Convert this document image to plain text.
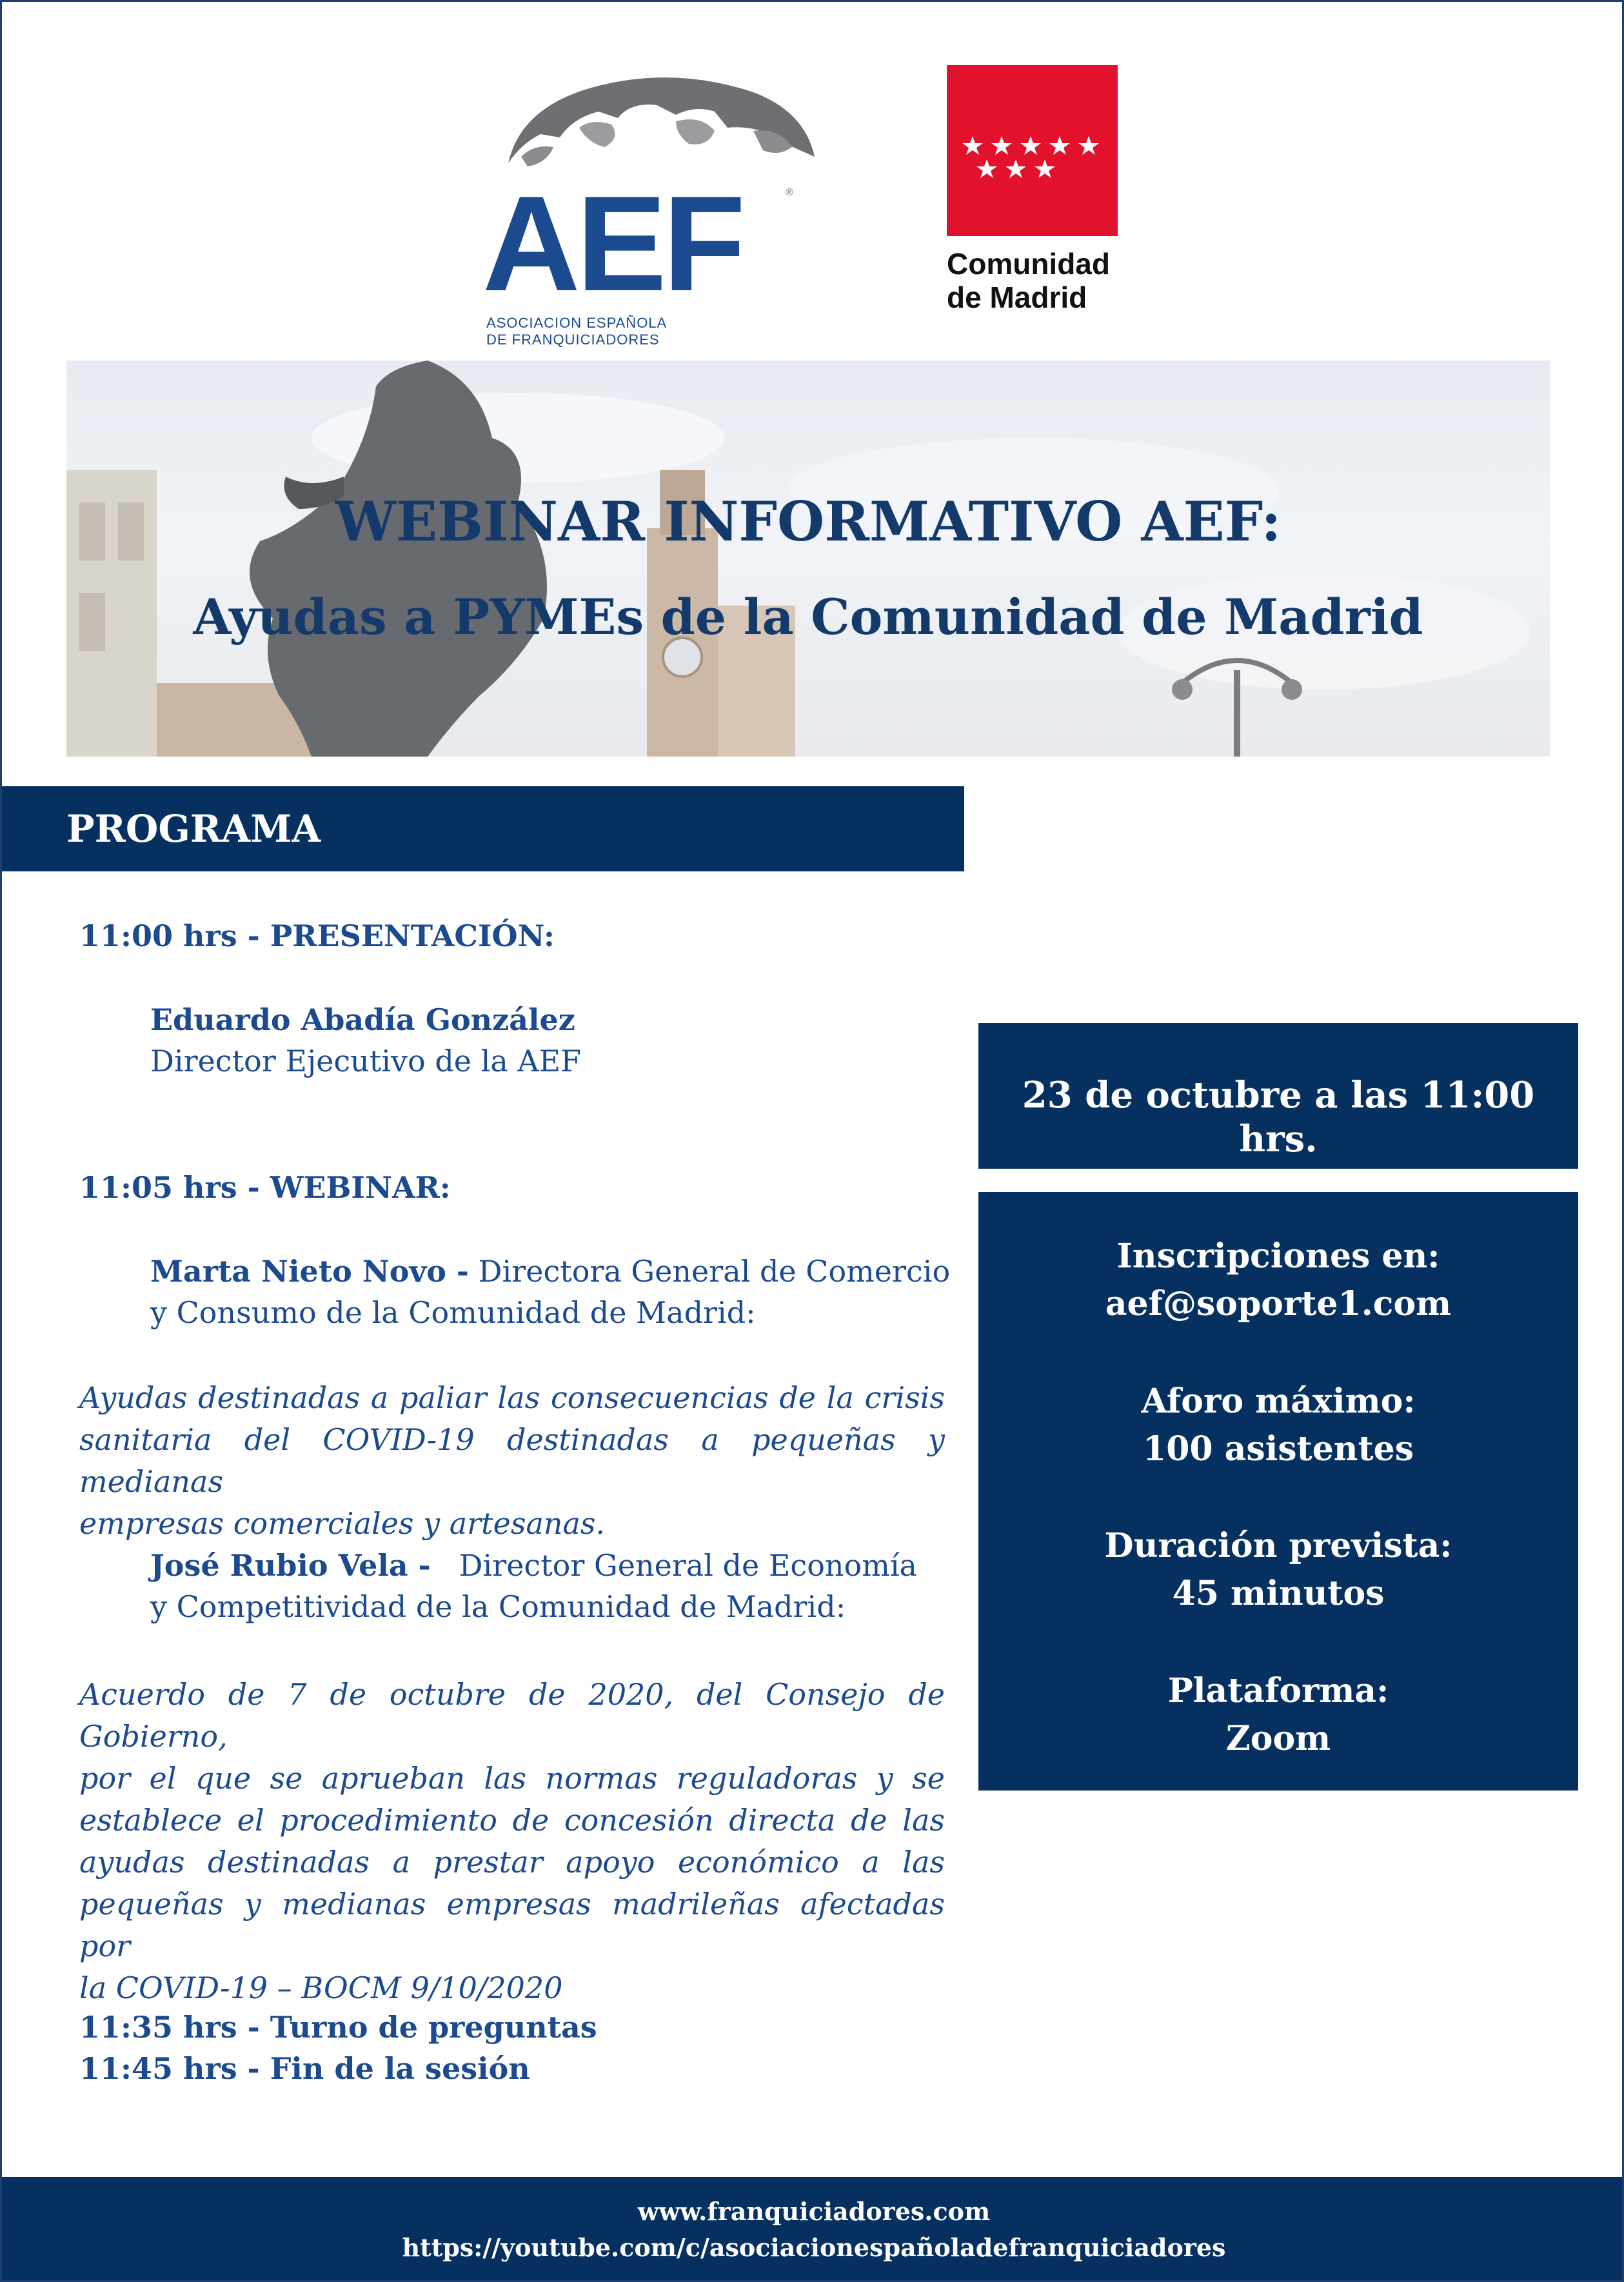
®
AEF
ASOCIACION ESPAÑOLA
DE FRANQUICIADORES
Comunidad
de Madrid
WEBINAR INFORMATIVO AEF:
Ayudas a PYMEs de la Comunidad de Madrid
PROGRAMA
11:00 hrs - PRESENTACIÓN:
Eduardo Abadía González
Director Ejecutivo de la AEF
11:05 hrs - WEBINAR:
Marta Nieto Novo - Directora General de Comercio
y Consumo de la Comunidad de Madrid:
Ayudas destinadas a paliar las consecuencias de la crisis
sanitaria del COVID-19 destinadas a pequeñas y medianas
empresas comerciales y artesanas.
José Rubio Vela -   Director General de Economía
y Competitividad de la Comunidad de Madrid:
Acuerdo de 7 de octubre de 2020, del Consejo de Gobierno,
por el que se aprueban las normas reguladoras y se
establece el procedimiento de concesión directa de las
ayudas destinadas a prestar apoyo económico a las
pequeñas y medianas empresas madrileñas afectadas por
la COVID-19 – BOCM 9/10/2020
11:35 hrs - Turno de preguntas
11:45 hrs - Fin de la sesión
23 de octubre a las 11:00 hrs.
Inscripciones en:
aef@soporte1.com
Aforo máximo:
100 asistentes
Duración prevista:
45 minutos
Plataforma:
Zoom
www.franquiciadores.com
https://youtube.com/c/asociacionespañoladefranquiciadores
